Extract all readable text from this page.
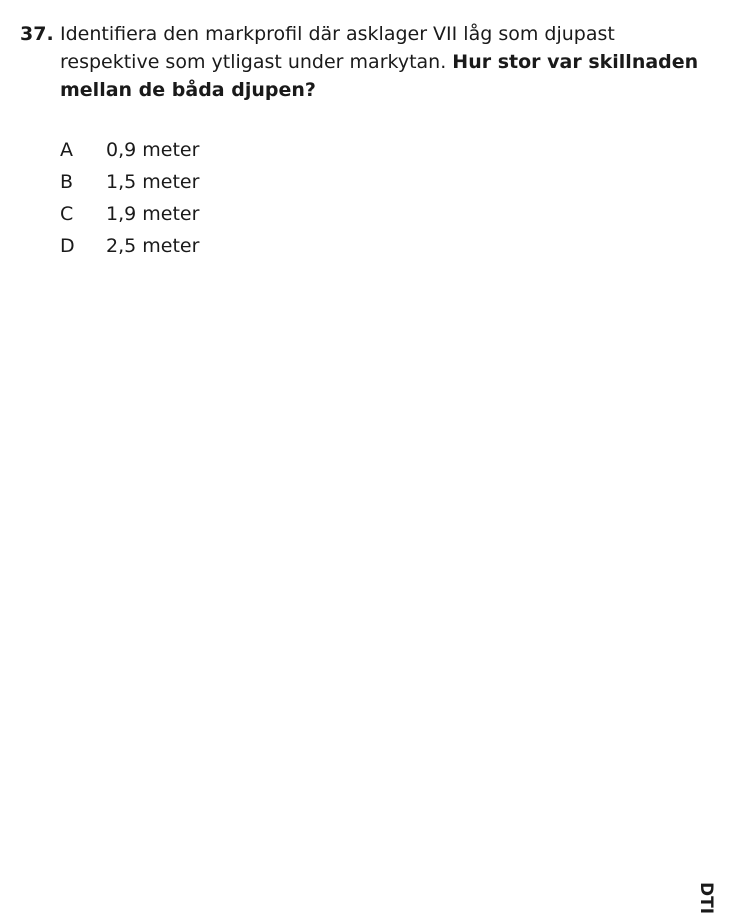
37. Identifiera den markprofil där asklager VII låg som djupast respektive som ytligast under markytan. Hur stor var skillnaden mellan de båda djupen?
A	0,9 meter
B	1,5 meter
C	1,9 meter
D	2,5 meter
DTI
